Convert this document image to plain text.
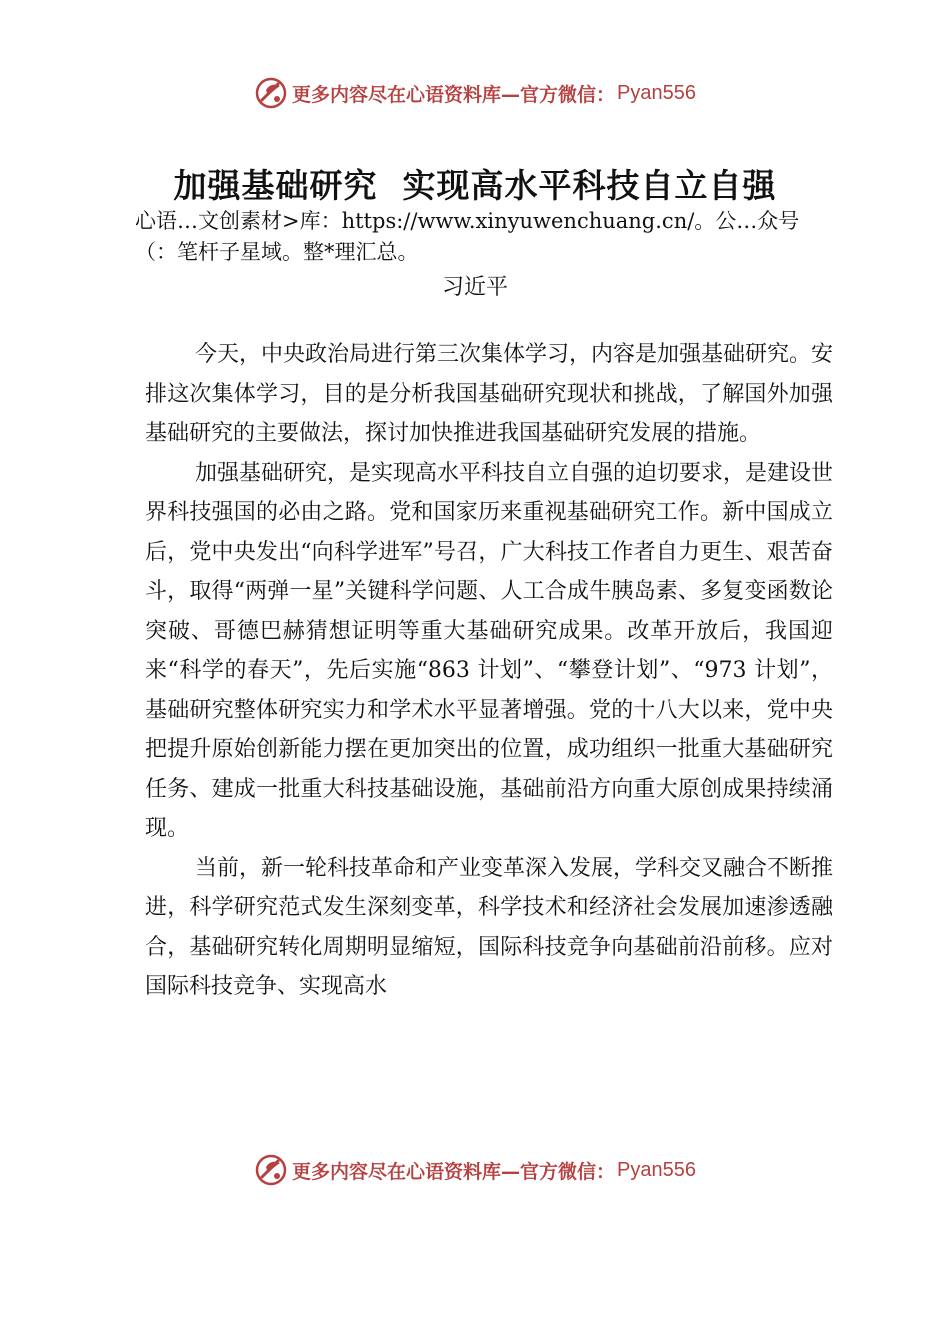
更多内容尽在心语资料库—官方微信： Pyan556
加强基础研究  实现高水平科技自立自强
心语…文创素材>库：https://www.xinyuwenchuang.cn/。公…众号（：笔杆子星域。整*理汇总。
习近平

今天，中央政治局进行第三次集体学习，内容是加强基础研究。安排这次集体学习，目的是分析我国基础研究现状和挑战，了解国外加强基础研究的主要做法，探讨加快推进我国基础研究发展的措施。

加强基础研究，是实现高水平科技自立自强的迫切要求，是建设世界科技强国的必由之路。党和国家历来重视基础研究工作。新中国成立后，党中央发出“向科学进军”号召，广大科技工作者自力更生、艰苦奋斗，取得“两弹一星”关键科学问题、人工合成牛胰岛素、多复变函数论突破、哥德巴赫猜想证明等重大基础研究成果。改革开放后，我国迎来“科学的春天”，先后实施“863 计划”、“攀登计划”、“973 计划”，基础研究整体研究实力和学术水平显著增强。党的十八大以来，党中央把提升原始创新能力摆在更加突出的位置，成功组织一批重大基础研究任务、建成一批重大科技基础设施，基础前沿方向重大原创成果持续涌现。

当前，新一轮科技革命和产业变革深入发展，学科交叉融合不断推进，科学研究范式发生深刻变革，科学技术和经济社会发展加速渗透融合，基础研究转化周期明显缩短，国际科技竞争向基础前沿前移。应对国际科技竞争、实现高水

更多内容尽在心语资料库—官方微信： Pyan556
